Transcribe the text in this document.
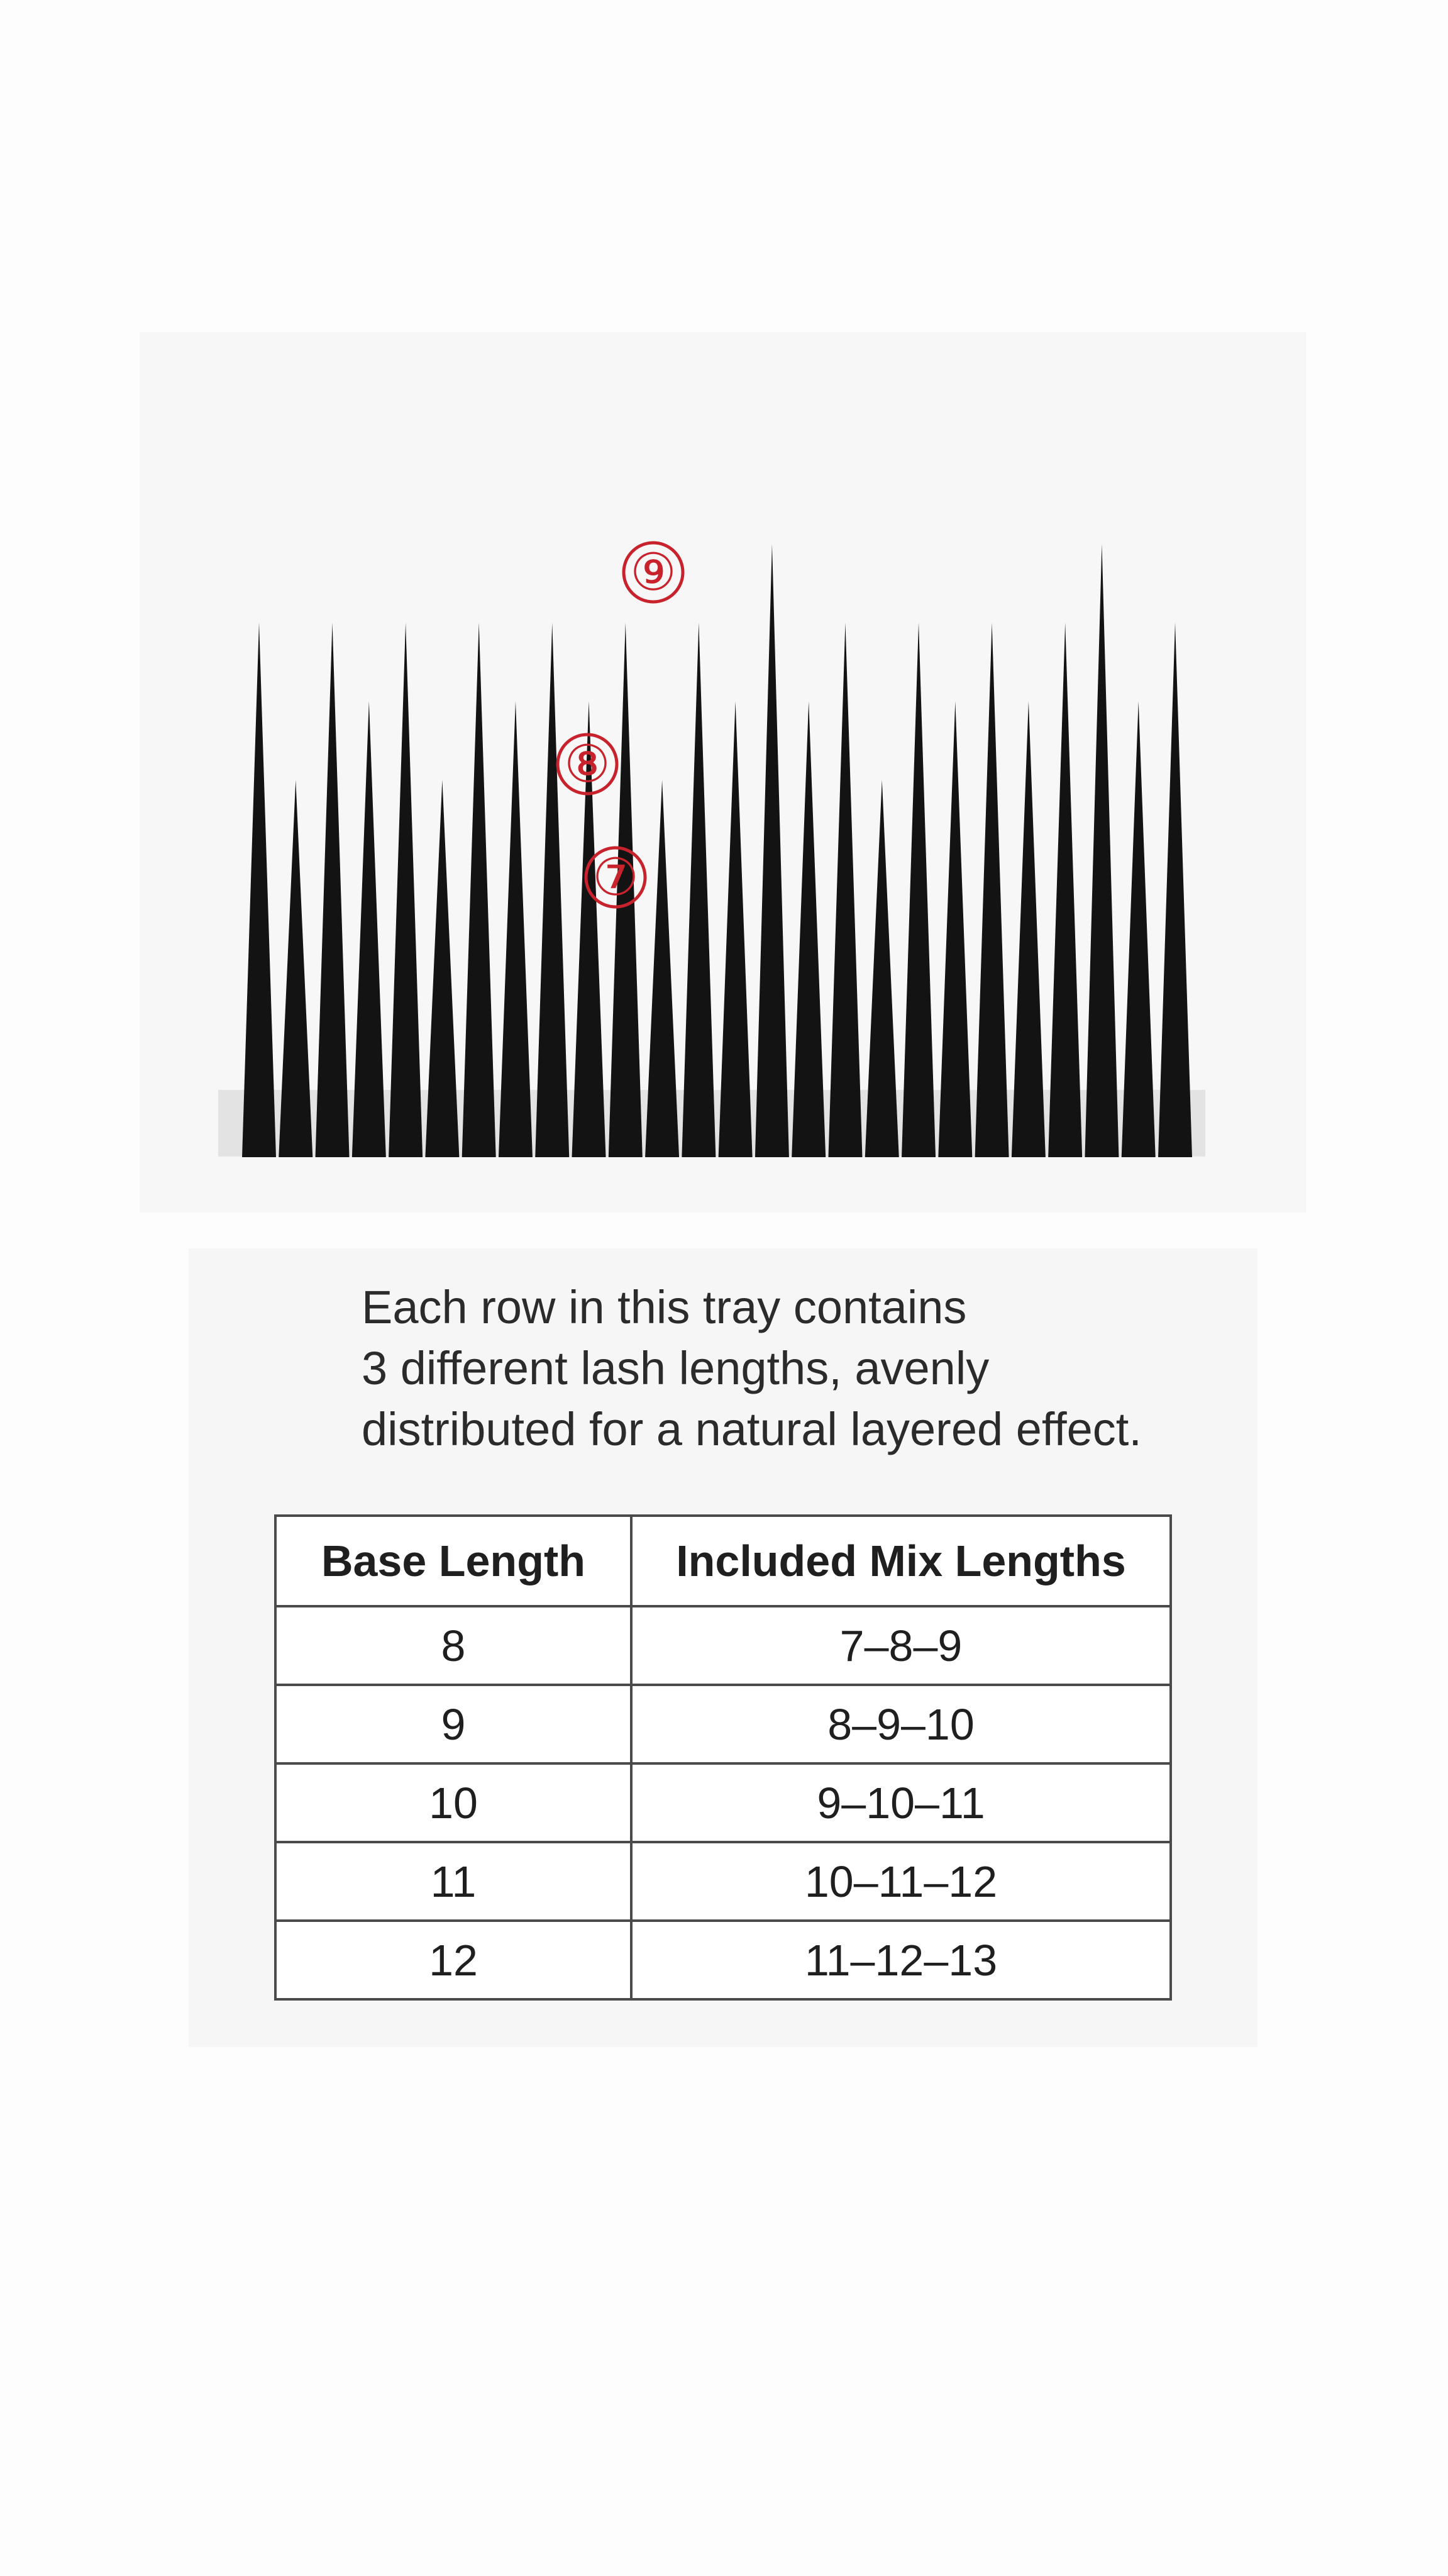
⑨
⑧
⑦

Each row in this tray contains
3 different lash lengths, avenly
distributed for a natural layered effect.

Base Length	Included Mix Lengths
8	7–8–9
9	8–9–10
10	9–10–11
11	10–11–12
12	11–12–13
